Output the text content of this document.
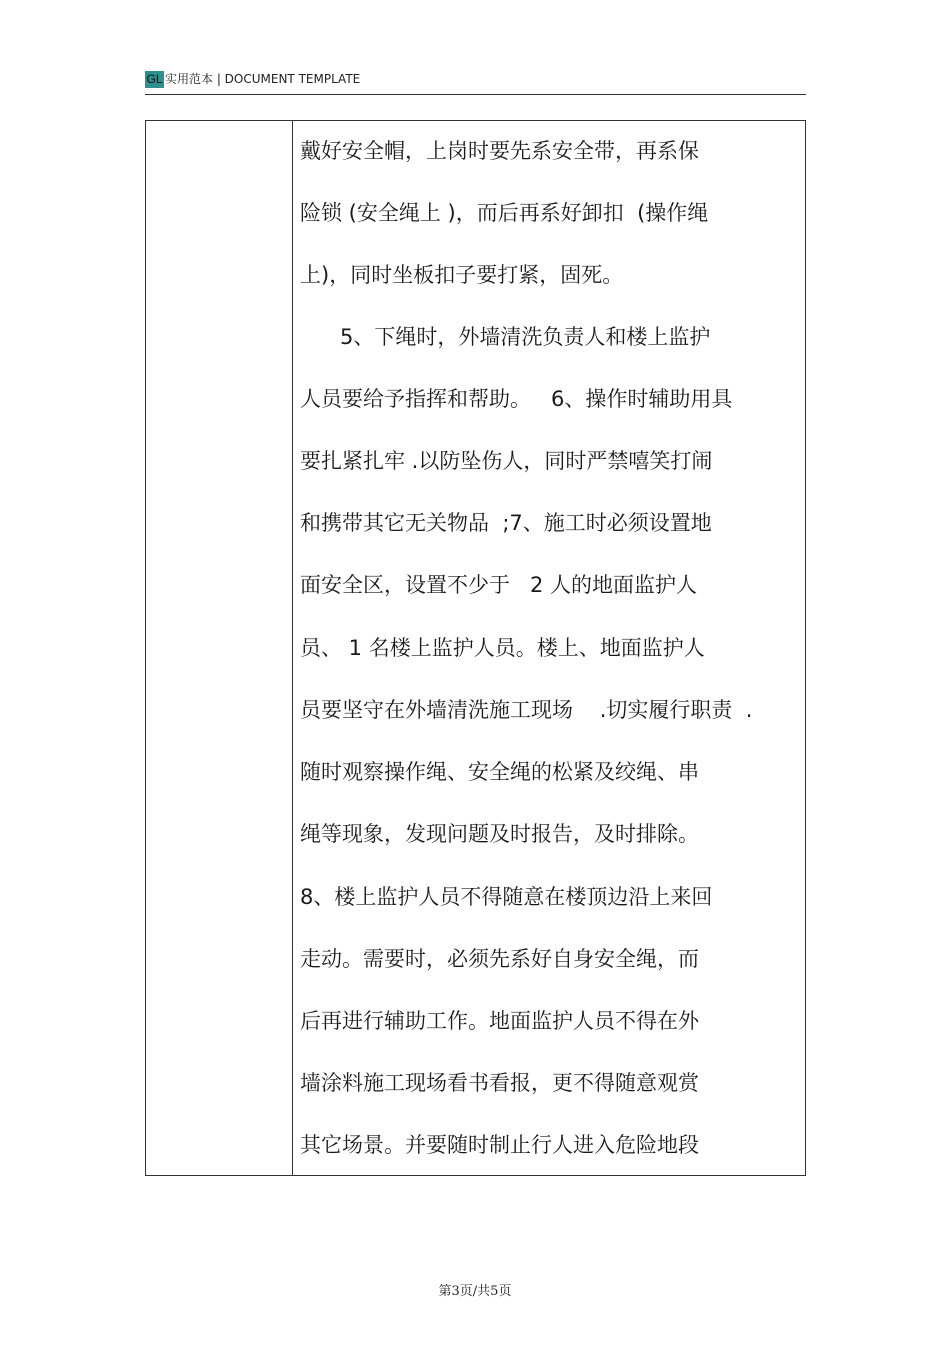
GL 实用范本 | DOCUMENT TEMPLATE
戴好安全帽，上岗时要先系安全带，再系保
险锁 (安全绳上 )，而后再系好卸扣  (操作绳
上)，同时坐板扣子要打紧，固死。
5、下绳时，外墙清洗负责人和楼上监护
人员要给予指挥和帮助。   6、操作时辅助用具
要扎紧扎牢 .以防坠伤人，同时严禁嘻笑打闹
和携带其它无关物品  ;7、施工时必须设置地
面安全区，设置不少于   2 人的地面监护人
员、 1 名楼上监护人员。楼上、地面监护人
员要坚守在外墙清洗施工现场    .切实履行职责  .
随时观察操作绳、安全绳的松紧及绞绳、串
绳等现象，发现问题及时报告，及时排除。
8、楼上监护人员不得随意在楼顶边沿上来回
走动。需要时，必须先系好自身安全绳，而
后再进行辅助工作。地面监护人员不得在外
墙涂料施工现场看书看报，更不得随意观赏
其它场景。并要随时制止行人进入危险地段
第3页/共5页
